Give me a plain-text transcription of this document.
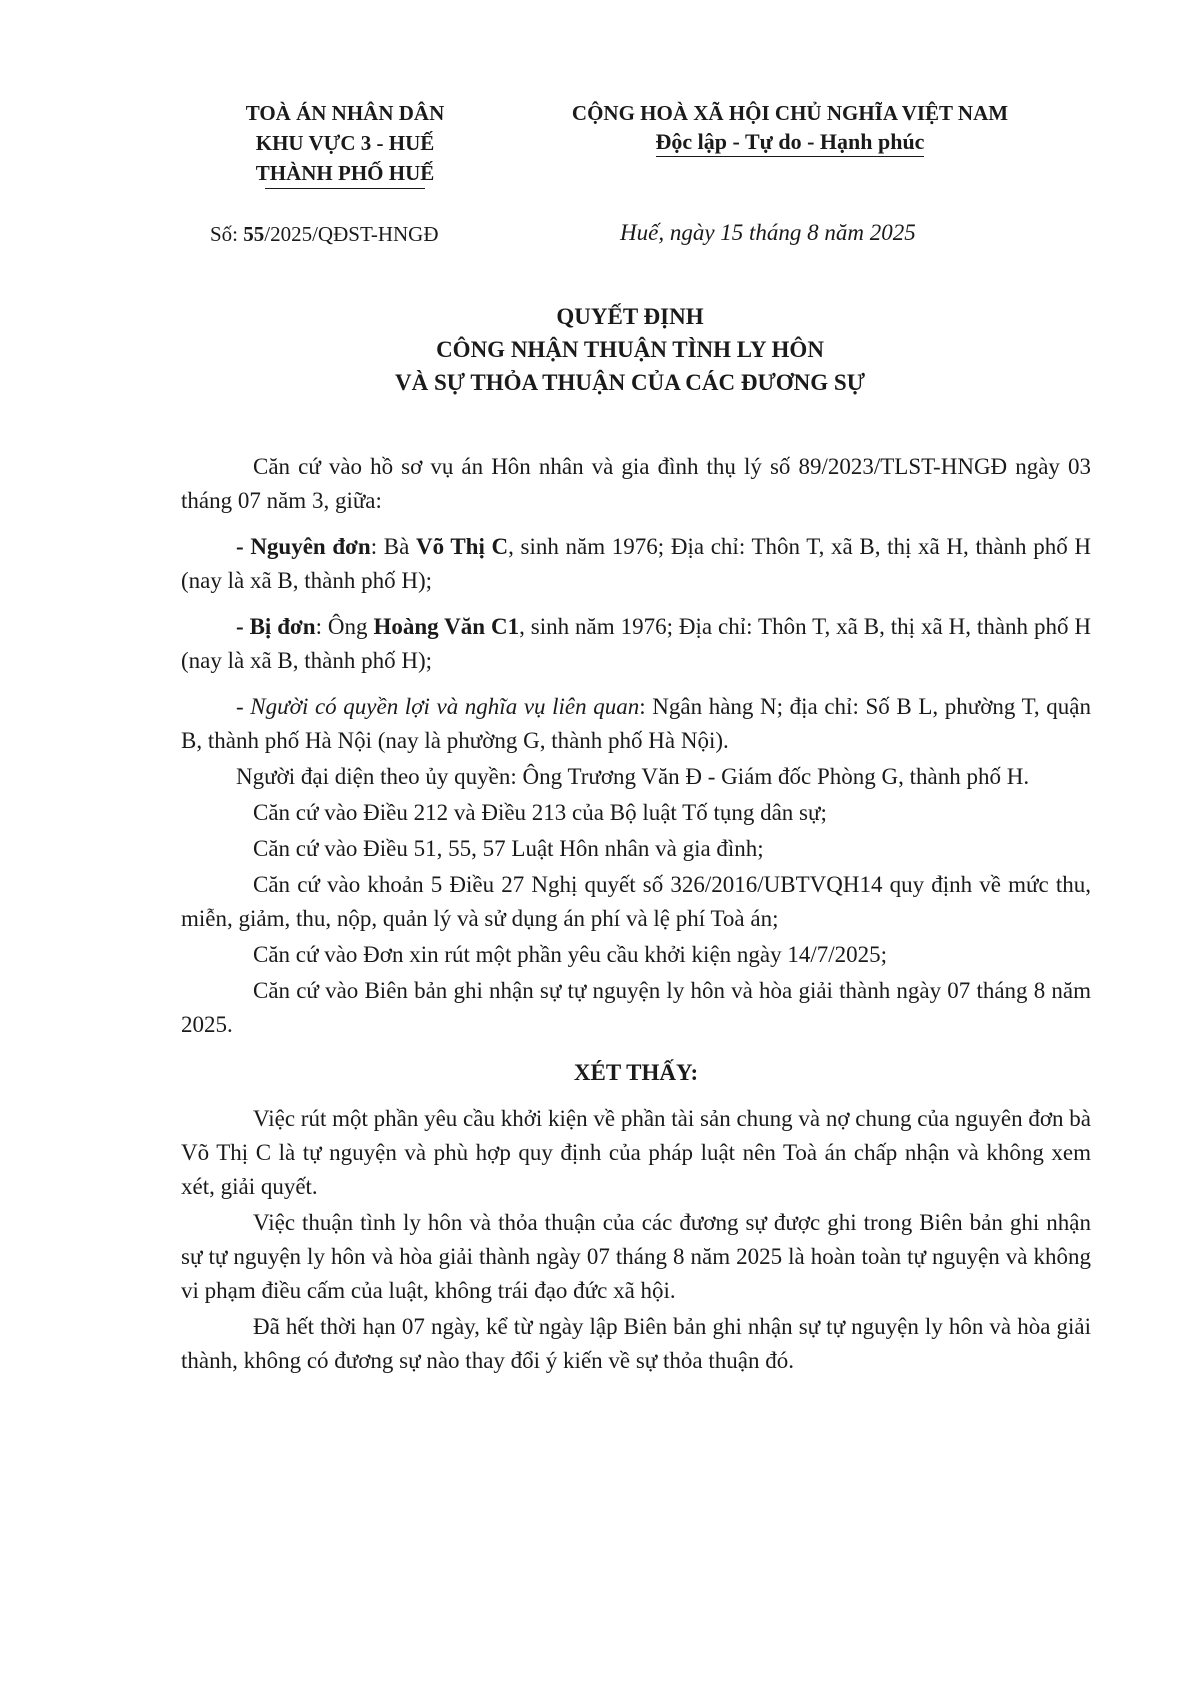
TOÀ ÁN NHÂN DÂN
KHU VỰC 3 - HUẾ
THÀNH PHỐ HUẾ
CỘNG HOÀ XÃ HỘI CHỦ NGHĨA VIỆT NAM
Độc lập - Tự do - Hạnh phúc
Số: 55/2025/QĐST-HNGĐ	Huế, ngày 15 tháng 8 năm 2025
QUYẾT ĐỊNH
CÔNG NHẬN THUẬN TÌNH LY HÔN
VÀ SỰ THỎA THUẬN CỦA CÁC ĐƯƠNG SỰ

Căn cứ vào hồ sơ vụ án Hôn nhân và gia đình thụ lý số 89/2023/TLST-HNGĐ ngày 03 tháng 07 năm 3, giữa:

- Nguyên đơn: Bà Võ Thị C, sinh năm 1976; Địa chỉ: Thôn T, xã B, thị xã H, thành phố H (nay là xã B, thành phố H);

- Bị đơn: Ông Hoàng Văn C1, sinh năm 1976; Địa chỉ: Thôn T, xã B, thị xã H, thành phố H (nay là xã B, thành phố H);

- Người có quyền lợi và nghĩa vụ liên quan: Ngân hàng N; địa chỉ: Số B L, phường T, quận B, thành phố Hà Nội (nay là phường G, thành phố Hà Nội).

Người đại diện theo ủy quyền: Ông Trương Văn Đ - Giám đốc Phòng G, thành phố H.

Căn cứ vào Điều 212 và Điều 213 của Bộ luật Tố tụng dân sự;

Căn cứ vào Điều 51, 55, 57 Luật Hôn nhân và gia đình;

Căn cứ vào khoản 5 Điều 27 Nghị quyết số 326/2016/UBTVQH14 quy định về mức thu, miễn, giảm, thu, nộp, quản lý và sử dụng án phí và lệ phí Toà án;

Căn cứ vào Đơn xin rút một phần yêu cầu khởi kiện ngày 14/7/2025;

Căn cứ vào Biên bản ghi nhận sự tự nguyện ly hôn và hòa giải thành ngày 07 tháng 8 năm 2025.

XÉT THẤY:

Việc rút một phần yêu cầu khởi kiện về phần tài sản chung và nợ chung của nguyên đơn bà Võ Thị C là tự nguyện và phù hợp quy định của pháp luật nên Toà án chấp nhận và không xem xét, giải quyết.

Việc thuận tình ly hôn và thỏa thuận của các đương sự được ghi trong Biên bản ghi nhận sự tự nguyện ly hôn và hòa giải thành ngày 07 tháng 8 năm 2025 là hoàn toàn tự nguyện và không vi phạm điều cấm của luật, không trái đạo đức xã hội.

Đã hết thời hạn 07 ngày, kể từ ngày lập Biên bản ghi nhận sự tự nguyện ly hôn và hòa giải thành, không có đương sự nào thay đổi ý kiến về sự thỏa thuận đó.
